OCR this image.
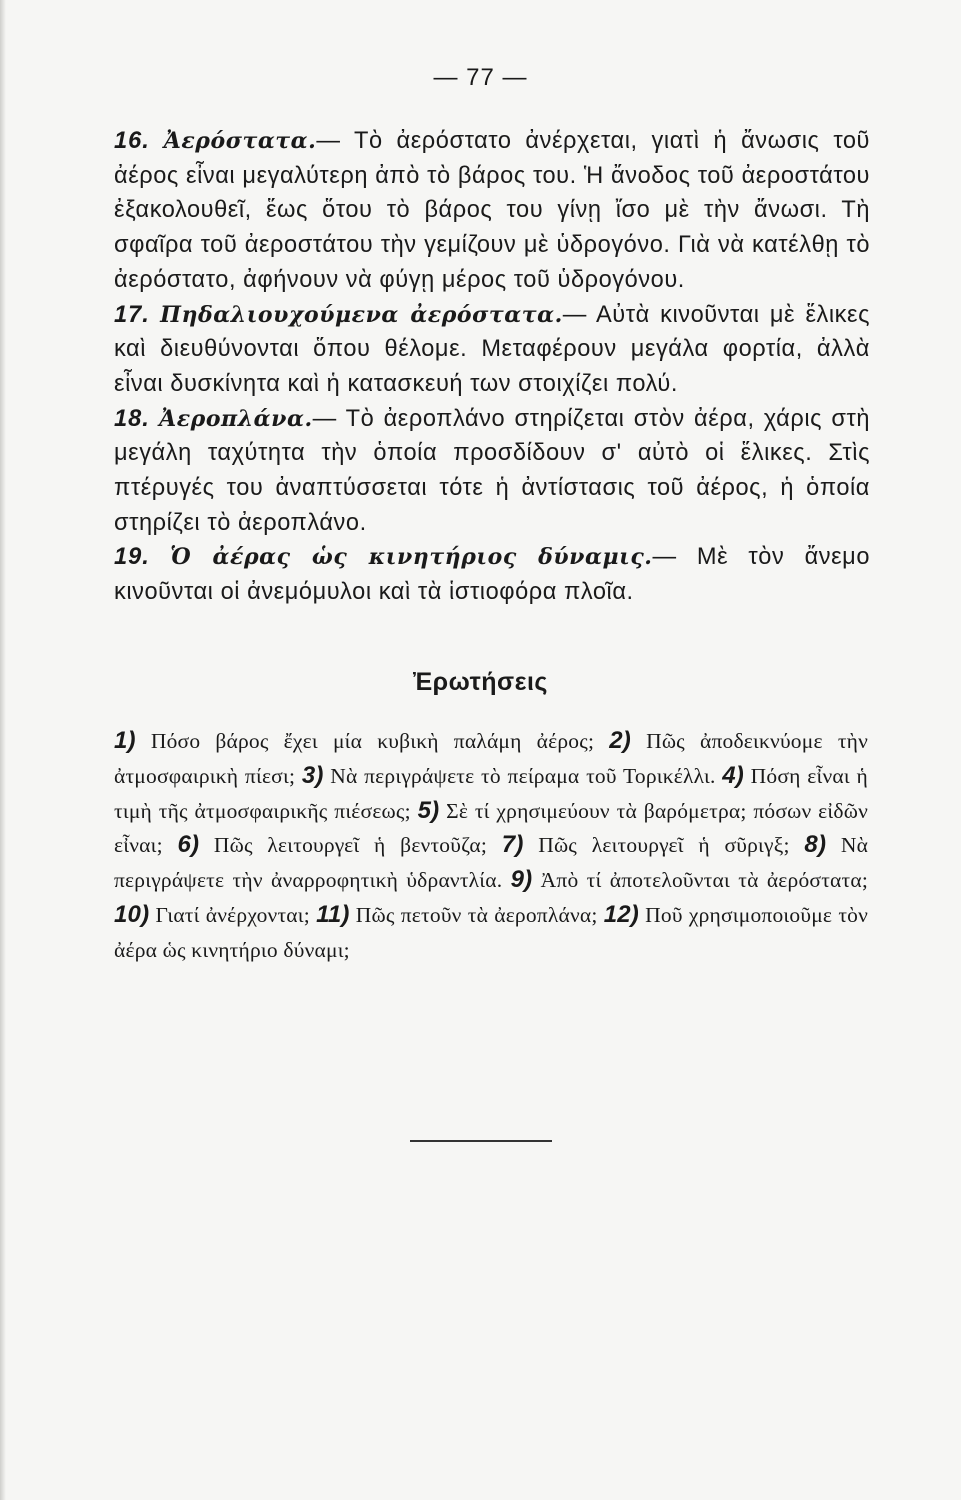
— 77 —

16. Ἀερόστατα.— Τὸ ἀερόστατο ἀνέρχεται, γιατὶ ἡ ἄνωσις τοῦ ἀέρος εἶναι μεγαλύτερη ἀπὸ τὸ βάρος του. Ἡ ἄνοδος τοῦ ἀεροστάτου ἐξακολουθεῖ, ἕως ὅτου τὸ βάρος του γίνῃ ἴσο μὲ τὴν ἄνωσι. Τὴ σφαῖρα τοῦ ἀεροστάτου τὴν γεμίζουν μὲ ὑδρογόνο. Γιὰ νὰ κατέλθῃ τὸ ἀερόστατο, ἀφήνουν νὰ φύγῃ μέρος τοῦ ὑδρογόνου.

17. Πηδαλιουχούμενα ἀερόστατα.— Αὐτὰ κινοῦνται μὲ ἕλικες καὶ διευθύνονται ὅπου θέλομε. Μεταφέρουν μεγάλα φορτία, ἀλλὰ εἶναι δυσκίνητα καὶ ἡ κατασκευή των στοιχίζει πολύ.

18. Ἀεροπλάνα.— Τὸ ἀεροπλάνο στηρίζεται στὸν ἀέρα, χάρις στὴ μεγάλη ταχύτητα τὴν ὁποία προσδίδουν σ' αὐτὸ οἱ ἕλικες. Στὶς πτέρυγές του ἀναπτύσσεται τότε ἡ ἀντίστασις τοῦ ἀέρος, ἡ ὁποία στηρίζει τὸ ἀεροπλάνο.

19. Ὁ ἀέρας ὡς κινητήριος δύναμις.— Μὲ τὸν ἄνεμο κινοῦνται οἱ ἀνεμόμυλοι καὶ τὰ ἱστιοφόρα πλοῖα.

Ἐρωτήσεις
1) Πόσο βάρος ἔχει μία κυβικὴ παλάμη ἀέρος; 2) Πῶς ἀποδεικνύομε τὴν ἀτμοσφαιρικὴ πίεσι; 3) Νὰ περιγράψετε τὸ πείραμα τοῦ Τορικέλλι. 4) Πόση εἶναι ἡ τιμὴ τῆς ἀτμοσφαιρικῆς πιέσεως; 5) Σὲ τί χρησιμεύουν τὰ βαρόμετρα; πόσων εἰδῶν εἶναι; 6) Πῶς λειτουργεῖ ἡ βεντοῦζα; 7) Πῶς λειτουργεῖ ἡ σῦριγξ; 8) Νὰ περιγράψετε τὴν ἀναρροφητικὴ ὑδραντλία. 9) Ἀπὸ τί ἀποτελοῦνται τὰ ἀερόστατα; 10) Γιατί ἀνέρχονται; 11) Πῶς πετοῦν τὰ ἀεροπλάνα; 12) Ποῦ χρησιμοποιοῦμε τὸν ἀέρα ὡς κινητήριο δύναμι;
